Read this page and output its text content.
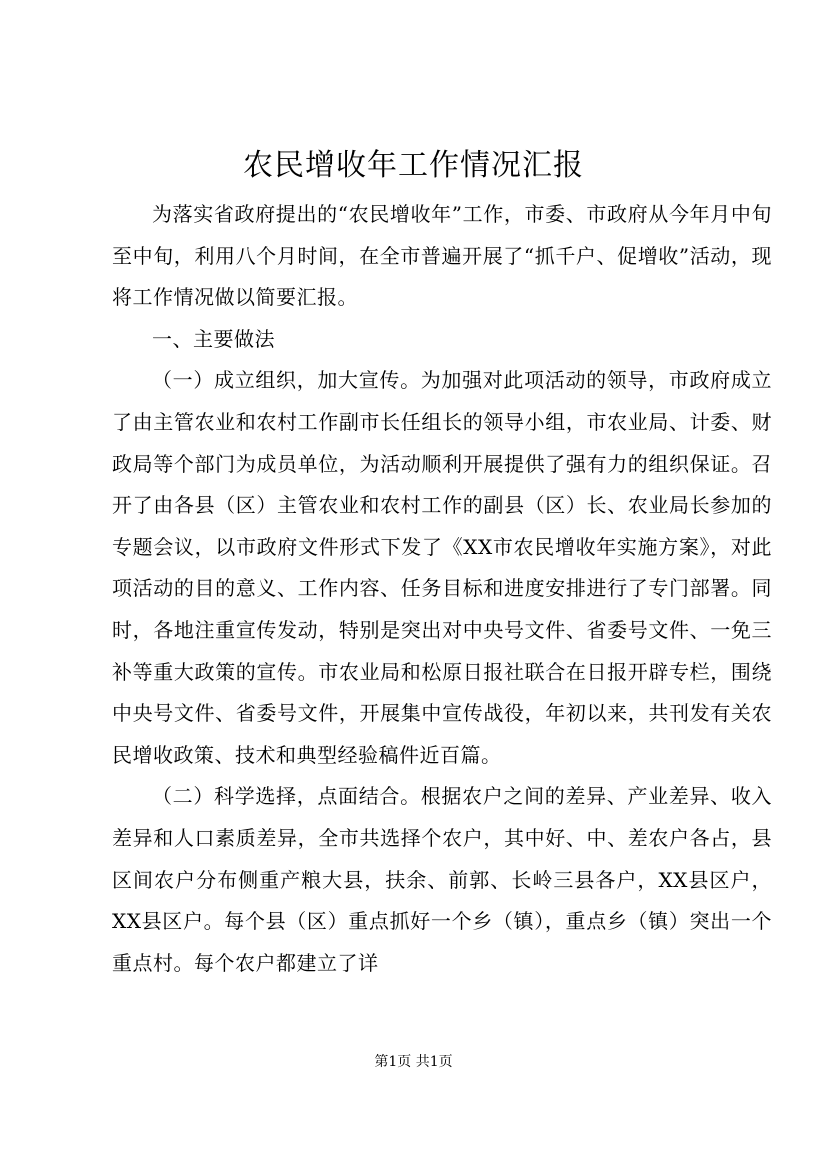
农民增收年工作情况汇报

为落实省政府提出的“农民增收年”工作，市委、市政府从今年月中旬至中旬，利用八个月时间，在全市普遍开展了“抓千户、促增收”活动，现将工作情况做以简要汇报。

一、主要做法

（一）成立组织，加大宣传。为加强对此项活动的领导，市政府成立了由主管农业和农村工作副市长任组长的领导小组，市农业局、计委、财政局等个部门为成员单位，为活动顺利开展提供了强有力的组织保证。召开了由各县（区）主管农业和农村工作的副县（区）长、农业局长参加的专题会议，以市政府文件形式下发了《XX市农民增收年实施方案》，对此项活动的目的意义、工作内容、任务目标和进度安排进行了专门部署。同时，各地注重宣传发动，特别是突出对中央号文件、省委号文件、一免三补等重大政策的宣传。市农业局和松原日报社联合在日报开辟专栏，围绕中央号文件、省委号文件，开展集中宣传战役，年初以来，共刊发有关农民增收政策、技术和典型经验稿件近百篇。

（二）科学选择，点面结合。根据农户之间的差异、产业差异、收入差异和人口素质差异，全市共选择个农户，其中好、中、差农户各占，县区间农户分布侧重产粮大县，扶余、前郭、长岭三县各户，XX县区户，XX县区户。每个县（区）重点抓好一个乡（镇），重点乡（镇）突出一个重点村。每个农户都建立了详

第1页 共1页
